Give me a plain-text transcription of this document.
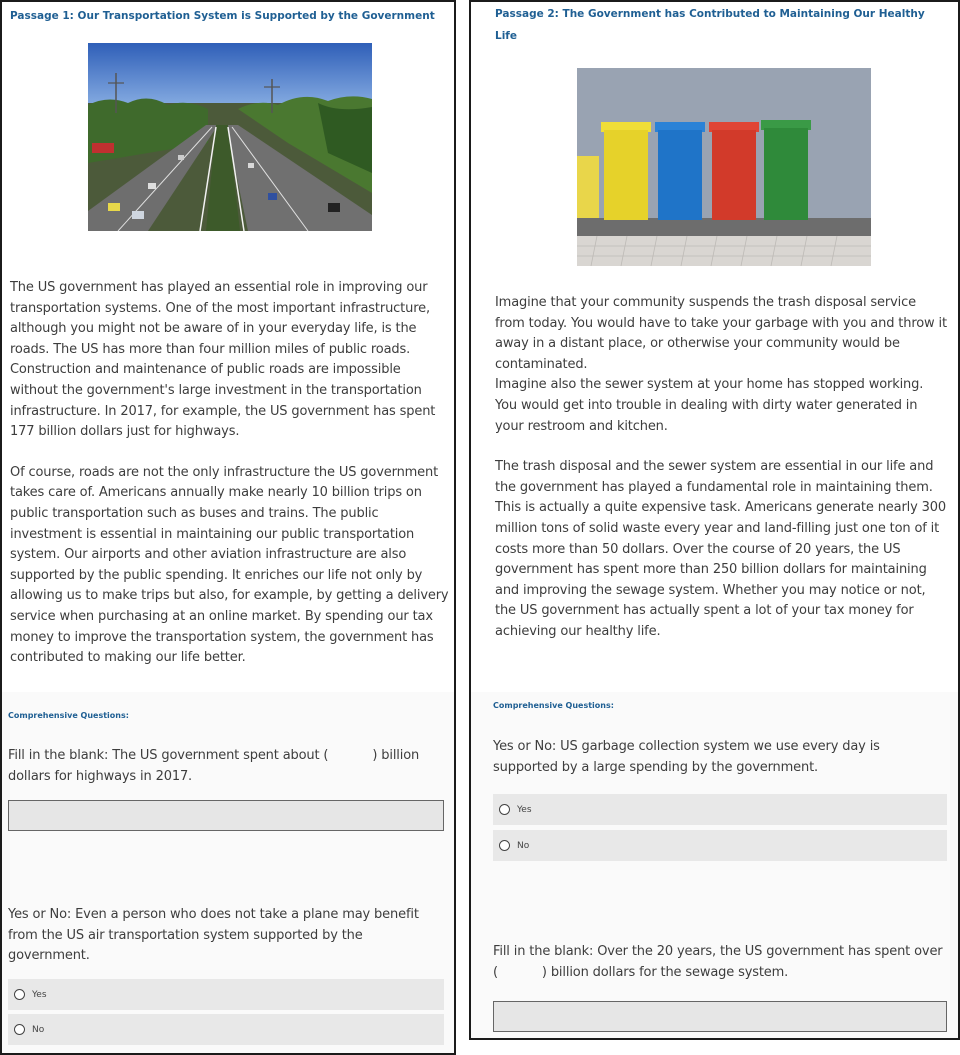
Passage 1: Our Transportation System is Supported by the Government

The US government has played an essential role in improving our transportation systems. One of the most important infrastructure, although you might not be aware of in your everyday life, is the roads. The US has more than four million miles of public roads. Construction and maintenance of public roads are impossible without the government's large investment in the transportation infrastructure. In 2017, for example, the US government has spent 177 billion dollars just for highways.

Of course, roads are not the only infrastructure the US government takes care of. Americans annually make nearly 10 billion trips on public transportation such as buses and trains. The public investment is essential in maintaining our public transportation system. Our airports and other aviation infrastructure are also supported by the public spending. It enriches our life not only by allowing us to make trips but also, for example, by getting a delivery service when purchasing at an online market. By spending our tax money to improve the transportation system, the government has contributed to making our life better.

Comprehensive Questions:
Fill in the blank: The US government spent about (	) billion dollars for highways in 2017.
Yes or No: Even a person who does not take a plane may benefit from the US air transportation system supported by the government.
Yes
No
Passage 2: The Government has Contributed to Maintaining Our Healthy Life

Imagine that your community suspends the trash disposal service from today. You would have to take your garbage with you and throw it away in a distant place, or otherwise your community would be contaminated.

Imagine also the sewer system at your home has stopped working. You would get into trouble in dealing with dirty water generated in your restroom and kitchen.

The trash disposal and the sewer system are essential in our life and the government has played a fundamental role in maintaining them. This is actually a quite expensive task. Americans generate nearly 300 million tons of solid waste every year and land-filling just one ton of it costs more than 50 dollars. Over the course of 20 years, the US government has spent more than 250 billion dollars for maintaining and improving the sewage system. Whether you may notice or not, the US government has actually spent a lot of your tax money for achieving our healthy life.

Comprehensive Questions:
Yes or No: US garbage collection system we use every day is supported by a large spending by the government.
Yes
No
Fill in the blank: Over the 20 years, the US government has spent over (	) billion dollars for the sewage system.
